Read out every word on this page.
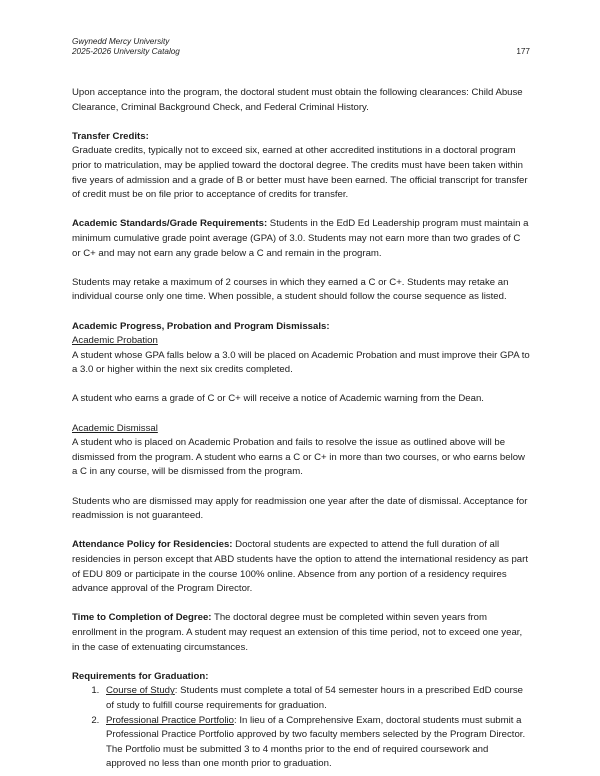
Gwynedd Mercy University
2025-2026 University Catalog	177

Upon acceptance into the program, the doctoral student must obtain the following clearances: Child Abuse Clearance, Criminal Background Check, and Federal Criminal History.

Transfer Credits:

Graduate credits, typically not to exceed six, earned at other accredited institutions in a doctoral program prior to matriculation, may be applied toward the doctoral degree. The credits must have been taken within five years of admission and a grade of B or better must have been earned. The official transcript for transfer of credit must be on file prior to acceptance of credits for transfer.

Academic Standards/Grade Requirements: Students in the EdD Ed Leadership program must maintain a minimum cumulative grade point average (GPA) of 3.0. Students may not earn more than two grades of C or C+ and may not earn any grade below a C and remain in the program.

Students may retake a maximum of 2 courses in which they earned a C or C+. Students may retake an individual course only one time. When possible, a student should follow the course sequence as listed.

Academic Progress, Probation and Program Dismissals:
Academic Probation

A student whose GPA falls below a 3.0 will be placed on Academic Probation and must improve their GPA to a 3.0 or higher within the next six credits completed.

A student who earns a grade of C or C+ will receive a notice of Academic warning from the Dean.

Academic Dismissal

A student who is placed on Academic Probation and fails to resolve the issue as outlined above will be dismissed from the program. A student who earns a C or C+ in more than two courses, or who earns below a C in any course, will be dismissed from the program.

Students who are dismissed may apply for readmission one year after the date of dismissal. Acceptance for readmission is not guaranteed.

Attendance Policy for Residencies: Doctoral students are expected to attend the full duration of all residencies in person except that ABD students have the option to attend the international residency as part of EDU 809 or participate in the course 100% online. Absence from any portion of a residency requires advance approval of the Program Director.

Time to Completion of Degree: The doctoral degree must be completed within seven years from enrollment in the program. A student may request an extension of this time period, not to exceed one year, in the case of extenuating circumstances.

Requirements for Graduation:
1. Course of Study: Students must complete a total of 54 semester hours in a prescribed EdD course of study to fulfill course requirements for graduation.
2. Professional Practice Portfolio: In lieu of a Comprehensive Exam, doctoral students must submit a Professional Practice Portfolio approved by two faculty members selected by the Program Director. The Portfolio must be submitted 3 to 4 months prior to the end of required coursework and approved no less than one month prior to graduation.
